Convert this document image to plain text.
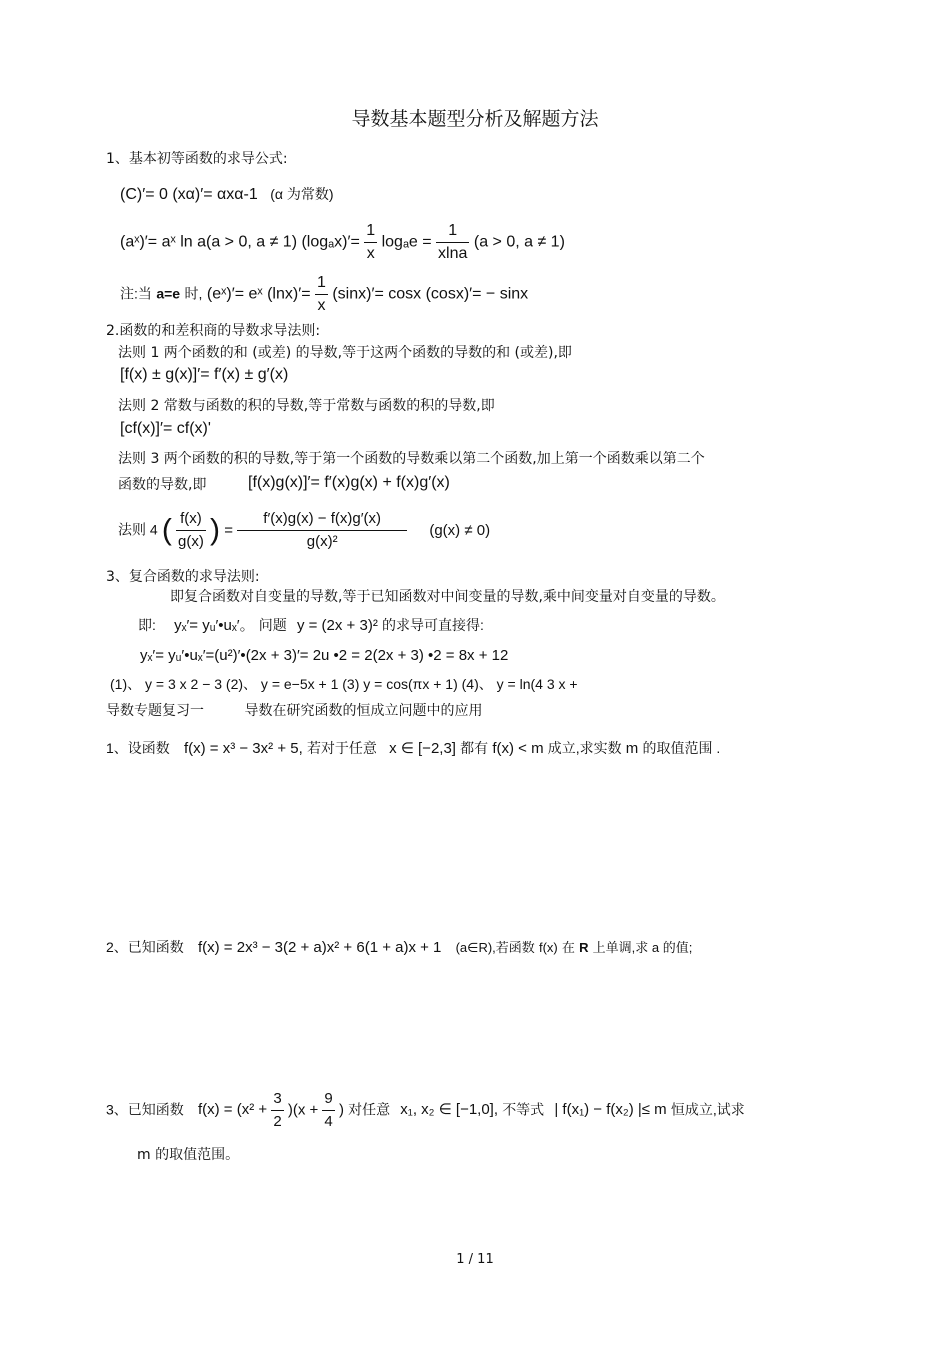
导数基本题型分析及解题方法
1、基本初等函数的求导公式:
(C)′= 0 (xα)′= αxα-1 (α 为常数)
(aˣ)′= aˣ ln a(a > 0, a ≠ 1) $(\log_ax)'= \frac{1}{x}$ $\log_ae = \frac{1}{xlna} (a > 0$, a ≠ 1)
注:当 a=e 时, (eˣ)′= eˣ $(\ln x)'= \frac{1}{x} (\sin x)'= \cos x$ (cosx)′= − sinx
2.函数的和差积商的导数求导法则:
法则 1 两个函数的和 (或差) 的导数,等于这两个函数的导数的和 (或差),即
[f(x) ± g(x)]′= f′(x) ± g′(x)
法则 2 常数与函数的积的导数,等于常数与函数的积的导数,即
[cf(x)]′= cf(x)'
法则 3 两个函数的积的导数,等于第一个函数的导数乘以第二个函数,加上第一个函数乘以第二个
函数的导数,即	[f(x)g(x)]′= f′(x)g(x) + f(x)g′(x)
法则 4 ( $\frac{f(x)}{g(x)}$ ) = $\frac{f'(x)g(x) - f(x)g'(x)}{\text{g(x)²}} (g(x) \ne 0)$
3、复合函数的求导法则:
即复合函数对自变量的导数,等于已知函数对中间变量的导数,乘中间变量对自变量的导数。
即: yₓ′= yᵤ′•uₓ′。 问题 y = (2x + 3)² 的求导可直接得:
yₓ′= yᵤ′•uₓ′=(u²)′•(2x + 3)′= 2u •2 = 2(2x + 3) •2 = 8x + 12
(1)、 y = 3 x 2 − 3 (2)、 y = e−5x + 1 (3) y = cos(πx + 1) (4)、 y = ln(4 3 x +
导数专题复习一	导数在研究函数的恒成立问题中的应用
1、设函数 f(x) = x³ − 3x² + 5, 若对于任意 x ∈ [−2,3] 都有 f(x) < m 成立,求实数 m 的取值范围 .
2、已知函数 f(x) = 2x³ − 3(2 + a)x² + 6(1 + a)x + 1 (a∈R),若函数 f(x) 在 R 上单调,求 a 的值;
3、已知函数 $f(x) = (x^2 + \frac{3}{2} )(x + \frac{9}{4}$ ) 对任意 x₁, x₂ ∈ [−1,0], 不等式 | f(x₁) − f(x₂) |≤ m 恒成立,试求
m 的取值范围。
1 / 11
